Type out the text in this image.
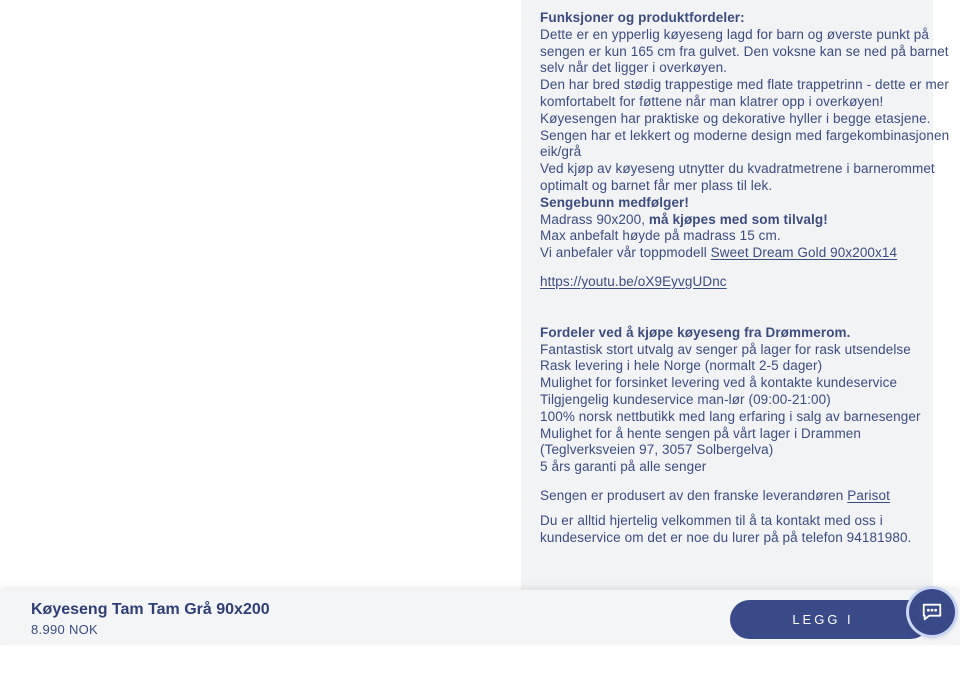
Funksjoner og produktfordeler:
Dette er en ypperlig køyeseng lagd for barn og øverste punkt på
sengen er kun 165 cm fra gulvet. Den voksne kan se ned på barnet
selv når det ligger i overkøyen.
Den har bred stødig trappestige med flate trappetrinn - dette er mer
komfortabelt for føttene når man klatrer opp i overkøyen!
Køyesengen har praktiske og dekorative hyller i begge etasjene.
Sengen har et lekkert og moderne design med fargekombinasjonen
eik/grå
Ved kjøp av køyeseng utnytter du kvadratmetrene i barnerommet
optimalt og barnet får mer plass til lek.
Sengebunn medfølger!
Madrass 90x200, må kjøpes med som tilvalg!
Max anbefalt høyde på madrass 15 cm.
Vi anbefaler vår toppmodell Sweet Dream Gold 90x200x14
https://youtu.be/oX9EyvgUDnc
Fordeler ved å kjøpe køyeseng fra Drømmerom.
Fantastisk stort utvalg av senger på lager for rask utsendelse
Rask levering i hele Norge (normalt 2-5 dager)
Mulighet for forsinket levering ved å kontakte kundeservice
Tilgjengelig kundeservice man-lør (09:00-21:00)
100% norsk nettbutikk med lang erfaring i salg av barnesenger
Mulighet for å hente sengen på vårt lager i Drammen
(Teglverksveien 97, 3057 Solbergelva)
5 års garanti på alle senger
Sengen er produsert av den franske leverandøren Parisot
Du er alltid hjertelig velkommen til å ta kontakt med oss i
kundeservice om det er noe du lurer på på telefon 94181980.
Køyeseng Tam Tam Grå 90x200
8.990 NOK
LEGG I HANDLEKURV
